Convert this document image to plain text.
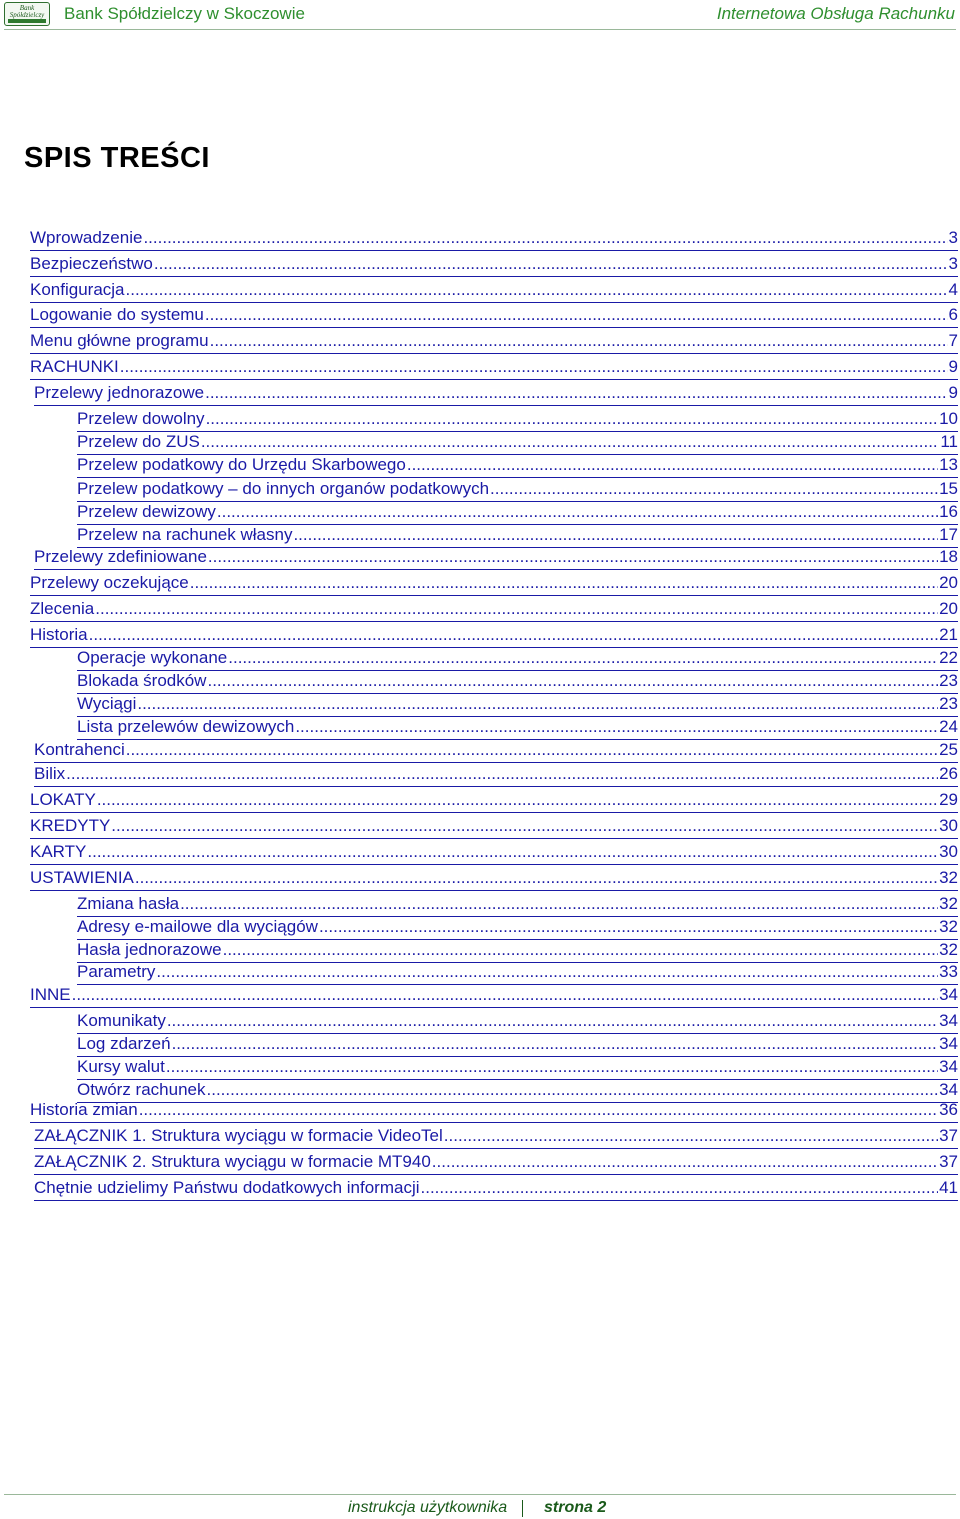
Bank
Spółdzielczy Bank Spółdzielczy w Skoczowie	Internetowa Obsługa Rachunku
SPIS TREŚCI
Wprowadzenie .....	3
Bezpieczeństwo .....	3
Konfiguracja .....	4
Logowanie do systemu .....	6
Menu główne programu .....	7
RACHUNKI .....	9
Przelewy jednorazowe .....	9
Przelew dowolny .....	10
Przelew do ZUS .....	11
Przelew podatkowy do Urzędu Skarbowego .....	13
Przelew podatkowy – do innych organów podatkowych .....	15
Przelew dewizowy .....	16
Przelew na rachunek własny .....	17
Przelewy zdefiniowane .....	18
Przelewy oczekujące .....	20
Zlecenia .....	20
Historia .....	21
Operacje wykonane .....	22
Blokada środków .....	23
Wyciągi .....	23
Lista przelewów dewizowych .....	24
Kontrahenci .....	25
Bilix .....	26
LOKATY .....	29
KREDYTY .....	30
KARTY .....	30
USTAWIENIA .....	32
Zmiana hasła .....	32
Adresy e-mailowe dla wyciągów .....	32
Hasła jednorazowe .....	32
Parametry .....	33
INNE .....	34
Komunikaty .....	34
Log zdarzeń .....	34
Kursy walut .....	34
Otwórz rachunek .....	34
Historia zmian .....	36
ZAŁĄCZNIK 1. Struktura wyciągu w formacie VideoTel .....	37
ZAŁĄCZNIK 2. Struktura wyciągu w formacie MT940 .....	37
Chętnie udzielimy Państwu dodatkowych informacji .....	41
instrukcja użytkownika strona 2
